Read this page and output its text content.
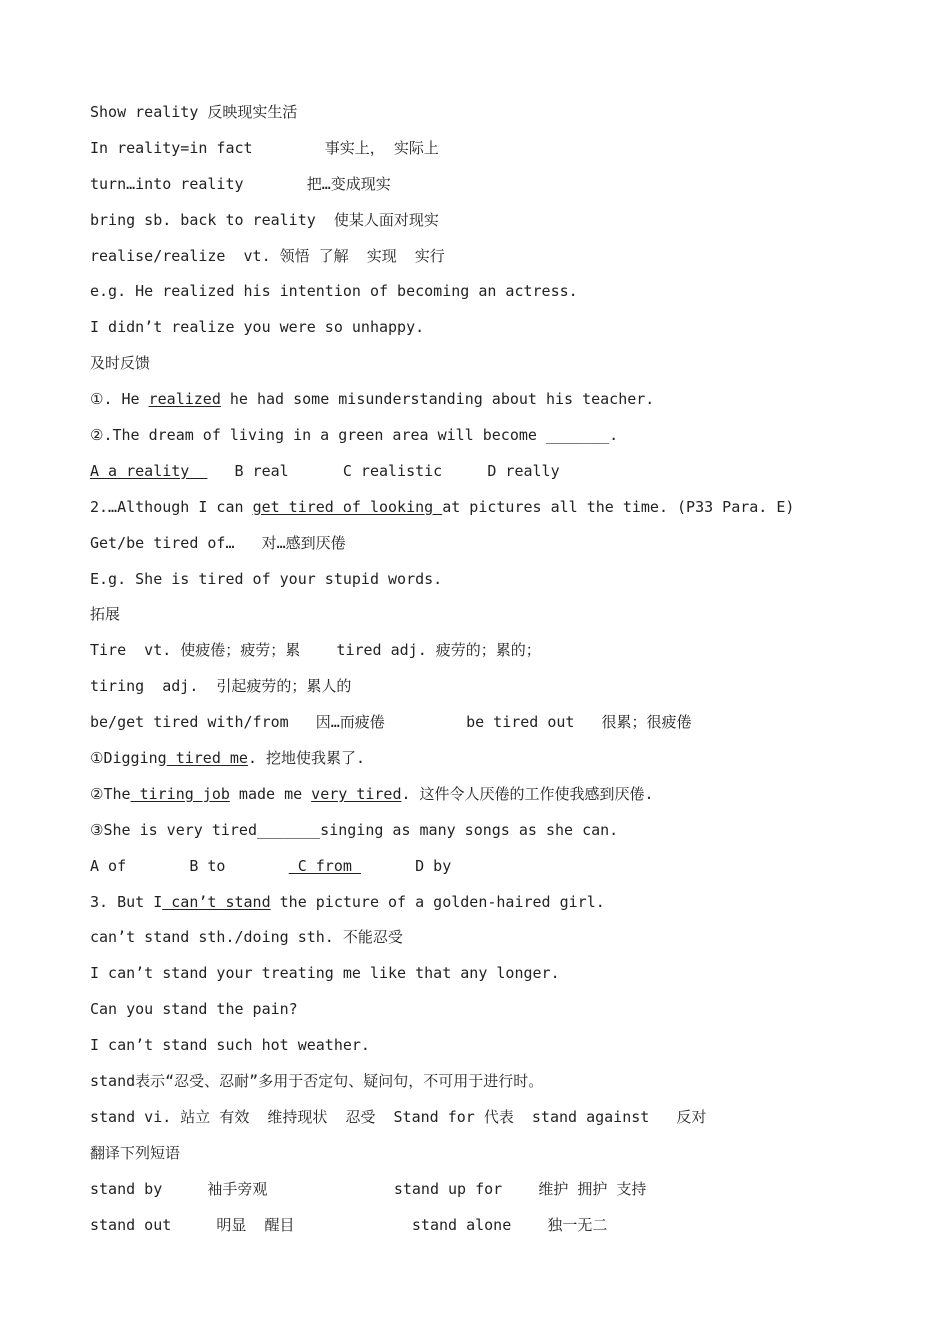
Show reality 反映现实生活
In reality=in fact        事实上， 实际上
turn…into reality       把…变成现实
bring sb. back to reality  使某人面对现实
realise/realize  vt. 领悟 了解  实现  实行
e.g. He realized his intention of becoming an actress.
I didn’t realize you were so unhappy.
及时反馈
①. He realized he had some misunderstanding about his teacher.
②.The dream of living in a green area will become _______.
A a reality     B real      C realistic     D really
2.…Although I can get tired of looking at pictures all the time. (P33 Para. E)
Get/be tired of…   对…感到厌倦
E.g. She is tired of your stupid words.
拓展
Tire  vt. 使疲倦；疲劳；累    tired adj. 疲劳的；累的；
tiring  adj.  引起疲劳的；累人的
be/get tired with/from   因…而疲倦         be tired out   很累；很疲倦
①Digging tired me. 挖地使我累了.
②The tiring job made me very tired. 这件令人厌倦的工作使我感到厌倦.
③She is very tired_______singing as many songs as she can.
A of       B to        C from       D by
3. But I can’t stand the picture of a golden-haired girl.
can’t stand sth./doing sth. 不能忍受
I can’t stand your treating me like that any longer.
Can you stand the pain?
I can’t stand such hot weather.
stand表示“忍受、忍耐”多用于否定句、疑问句，不可用于进行时。
stand vi. 站立 有效  维持现状  忍受  Stand for 代表  stand against   反对
翻译下列短语
stand by     袖手旁观              stand up for    维护 拥护 支持
stand out     明显  醒目             stand alone    独一无二
